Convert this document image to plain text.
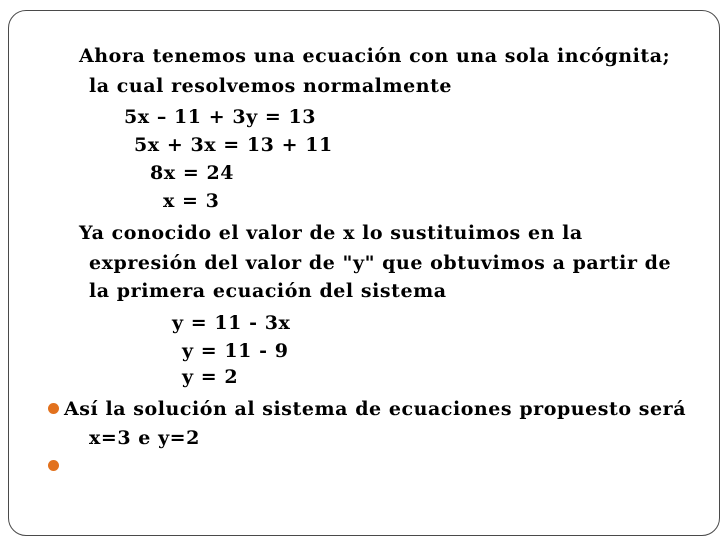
Ahora tenemos una ecuación con una sola incógnita;
la cual resolvemos normalmente
5x – 11 + 3y = 13
5x + 3x = 13 + 11
8x = 24
x = 3
Ya conocido el valor de x lo sustituimos en la
expresión del valor de "y" que obtuvimos a partir de
la primera ecuación del sistema
y = 11 - 3x
y = 11 - 9
y = 2
Así la solución al sistema de ecuaciones propuesto será
x=3 e y=2
